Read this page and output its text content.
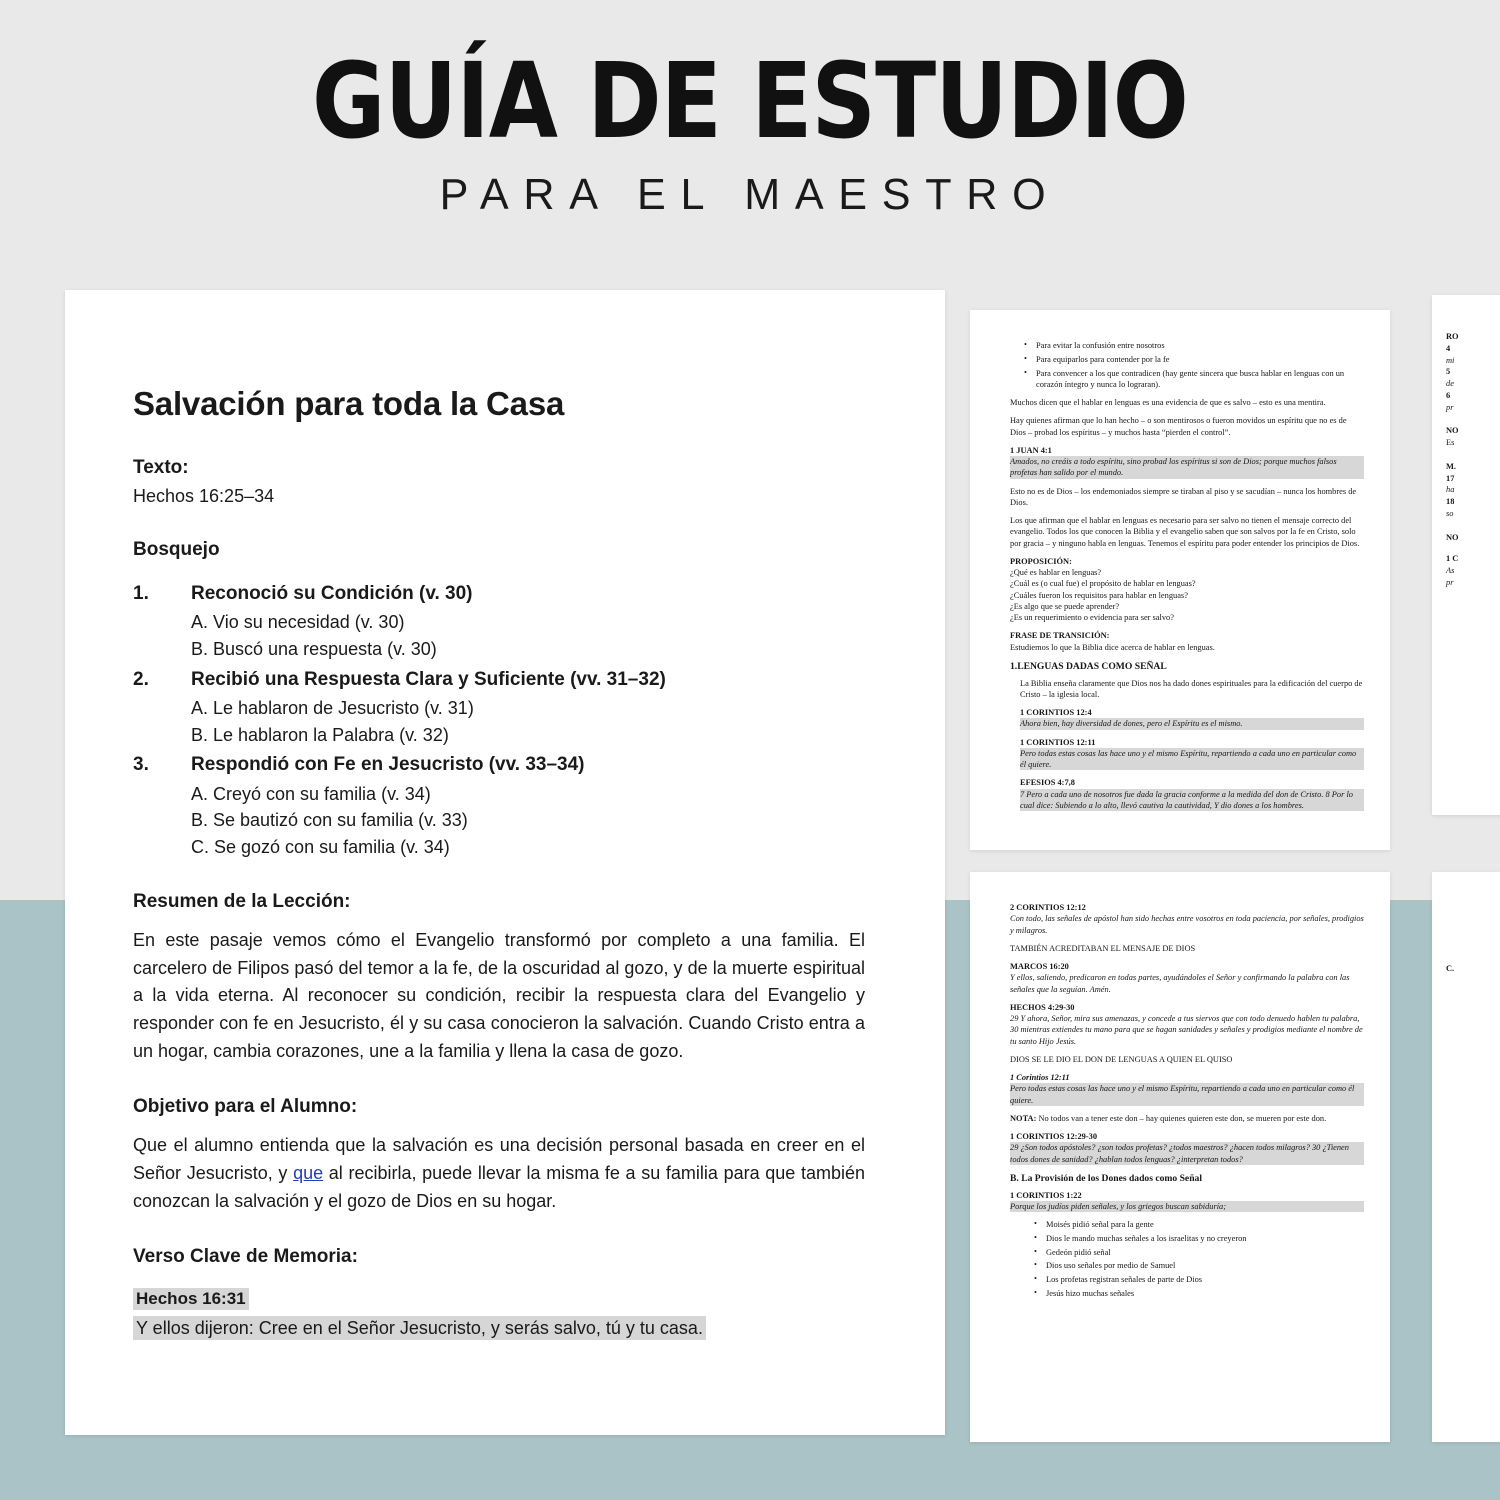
GUÍA DE ESTUDIO
PARA EL MAESTRO
RO
4
mi
5
de
6
pr
NO
Es
M.
17
ha
18
so
NO
1 C
As
pr
C.
• Para evitar la confusión entre nosotros
• Para equiparlos para contender por la fe
• Para convencer a los que contradicen (hay gente sincera que busca hablar en lenguas con un corazón íntegro y nunca lo lograran).

Muchos dicen que el hablar en lenguas es una evidencia de que es salvo – esto es una mentira.

Hay quienes afirman que lo han hecho – o son mentirosos o fueron movidos un espíritu que no es de Dios – probad los espíritus – y muchos hasta “pierden el control”.

1 JUAN 4:1

Amados, no creáis a todo espíritu, sino probad los espíritus si son de Dios; porque muchos falsos profetas han salido por el mundo.

Esto no es de Dios – los endemoniados siempre se tiraban al piso y se sacudían – nunca los hombres de Dios.

Los que afirman que el hablar en lenguas es necesario para ser salvo no tienen el mensaje correcto del evangelio. Todos los que conocen la Biblia y el evangelio saben que son salvos por la fe en Cristo, solo por gracia – y ninguno habla en lenguas. Tenemos el espíritu para poder entender los principios de Dios.

PROPOSICIÓN:
¿Qué es hablar en lenguas?
¿Cuál es (o cual fue) el propósito de hablar en lenguas?
¿Cuáles fueron los requisitos para hablar en lenguas?
¿Es algo que se puede aprender?
¿Es un requerimiento o evidencia para ser salvo?
FRASE DE TRANSICIÓN:

Estudiemos lo que la Biblia dice acerca de hablar en lenguas.

1.LENGUAS DADAS COMO SEÑAL

La Biblia enseña claramente que Dios nos ha dado dones espirituales para la edificación del cuerpo de Cristo – la iglesia local.

1 CORINTIOS 12:4

Ahora bien, hay diversidad de dones, pero el Espíritu es el mismo.

1 CORINTIOS 12:11

Pero todas estas cosas las hace uno y el mismo Espíritu, repartiendo a cada uno en particular como él quiere.

EFESIOS 4:7,8

7 Pero a cada uno de nosotros fue dada la gracia conforme a la medida del don de Cristo. 8 Por lo cual dice: Subiendo a lo alto, llevó cautiva la cautividad, Y dio dones a los hombres.

2 CORINTIOS 12:12

Con todo, las señales de apóstol han sido hechas entre vosotros en toda paciencia, por señales, prodigios y milagros.

TAMBIÉN ACREDITABAN EL MENSAJE DE DIOS

MARCOS 16:20

Y ellos, saliendo, predicaron en todas partes, ayudándoles el Señor y confirmando la palabra con las señales que la seguían. Amén.

HECHOS 4:29-30

29 Y ahora, Señor, mira sus amenazas, y concede a tus siervos que con todo denuedo hablen tu palabra, 30 mientras extiendes tu mano para que se hagan sanidades y señales y prodigios mediante el nombre de tu santo Hijo Jesús.

DIOS SE LE DIO EL DON DE LENGUAS A QUIEN EL QUISO

1 Corintios 12:11

Pero todas estas cosas las hace uno y el mismo Espíritu, repartiendo a cada uno en particular como él quiere.

NOTA: No todos van a tener este don – hay quienes quieren este don, se mueren por este don.

1 CORINTIOS 12:29-30

29 ¿Son todos apóstoles? ¿son todos profetas? ¿todos maestros? ¿hacen todos milagros? 30 ¿Tienen todos dones de sanidad? ¿hablan todos lenguas? ¿interpretan todos?

B. La Provisión de los Dones dados como Señal
1 CORINTIOS 1:22

Porque los judíos piden señales, y los griegos buscan sabiduría;

• Moisés pidió señal para la gente
• Dios le mando muchas señales a los israelitas y no creyeron
• Gedeón pidió señal
• Dios uso señales por medio de Samuel
• Los profetas registran señales de parte de Dios
• Jesús hizo muchas señales
Salvación para toda la Casa
Texto:

Hechos 16:25–34

Bosquejo
1.	Reconoció su Condición (v. 30)
A. Vio su necesidad (v. 30)
B. Buscó una respuesta (v. 30)
2.	Recibió una Respuesta Clara y Suficiente (vv. 31–32)
A. Le hablaron de Jesucristo (v. 31)
B. Le hablaron la Palabra (v. 32)
3.	Respondió con Fe en Jesucristo (vv. 33–34)
A. Creyó con su familia (v. 34)
B. Se bautizó con su familia (v. 33)
C. Se gozó con su familia (v. 34)
Resumen de la Lección:

En este pasaje vemos cómo el Evangelio transformó por completo a una familia. El carcelero de Filipos pasó del temor a la fe, de la oscuridad al gozo, y de la muerte espiritual a la vida eterna. Al reconocer su condición, recibir la respuesta clara del Evangelio y responder con fe en Jesucristo, él y su casa conocieron la salvación. Cuando Cristo entra a un hogar, cambia corazones, une a la familia y llena la casa de gozo.

Objetivo para el Alumno:

Que el alumno entienda que la salvación es una decisión personal basada en creer en el Señor Jesucristo, y que al recibirla, puede llevar la misma fe a su familia para que también conozcan la salvación y el gozo de Dios en su hogar.

Verso Clave de Memoria:
Hechos 16:31
Y ellos dijeron: Cree en el Señor Jesucristo, y serás salvo, tú y tu casa.
